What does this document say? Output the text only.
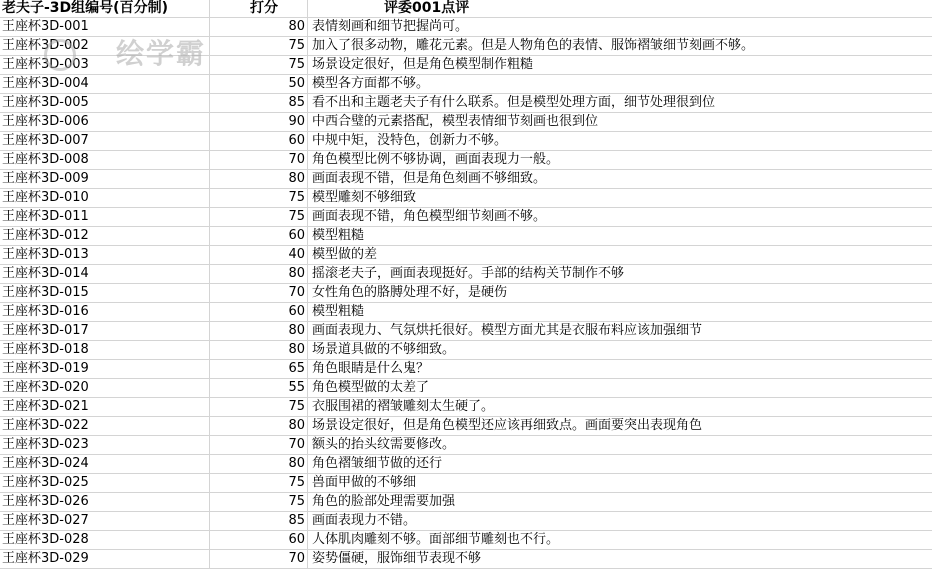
老夫子-3D组编号(百分制)	打分	评委001点评
王座杯3D-001	80 表情刻画和细节把握尚可。
王座杯3D-002	75 加入了很多动物，雕花元素。但是人物角色的表情、服饰褶皱细节刻画不够。
王座杯3D-003	75 场景设定很好，但是角色模型制作粗糙
王座杯3D-004	50 模型各方面都不够。
王座杯3D-005	85 看不出和主题老夫子有什么联系。但是模型处理方面，细节处理很到位
王座杯3D-006	90 中西合璧的元素搭配，模型表情细节刻画也很到位
王座杯3D-007	60 中规中矩，没特色，创新力不够。
王座杯3D-008	70 角色模型比例不够协调，画面表现力一般。
王座杯3D-009	80 画面表现不错，但是角色刻画不够细致。
王座杯3D-010	75 模型雕刻不够细致
王座杯3D-011	75 画面表现不错，角色模型细节刻画不够。
王座杯3D-012	60 模型粗糙
王座杯3D-013	40 模型做的差
王座杯3D-014	80 摇滚老夫子，画面表现挺好。手部的结构关节制作不够
王座杯3D-015	70 女性角色的胳膊处理不好，是硬伤
王座杯3D-016	60 模型粗糙
王座杯3D-017	80 画面表现力、气氛烘托很好。模型方面尤其是衣服布料应该加强细节
王座杯3D-018	80 场景道具做的不够细致。
王座杯3D-019	65 角色眼睛是什么鬼？
王座杯3D-020	55 角色模型做的太差了
王座杯3D-021	75 衣服围裙的褶皱雕刻太生硬了。
王座杯3D-022	80 场景设定很好，但是角色模型还应该再细致点。画面要突出表现角色
王座杯3D-023	70 额头的抬头纹需要修改。
王座杯3D-024	80 角色褶皱细节做的还行
王座杯3D-025	75 兽面甲做的不够细
王座杯3D-026	75 角色的脸部处理需要加强
王座杯3D-027	85 画面表现力不错。
王座杯3D-028	60 人体肌肉雕刻不够。面部细节雕刻也不行。
王座杯3D-029	70 姿势僵硬，服饰细节表现不够
绘学霸
